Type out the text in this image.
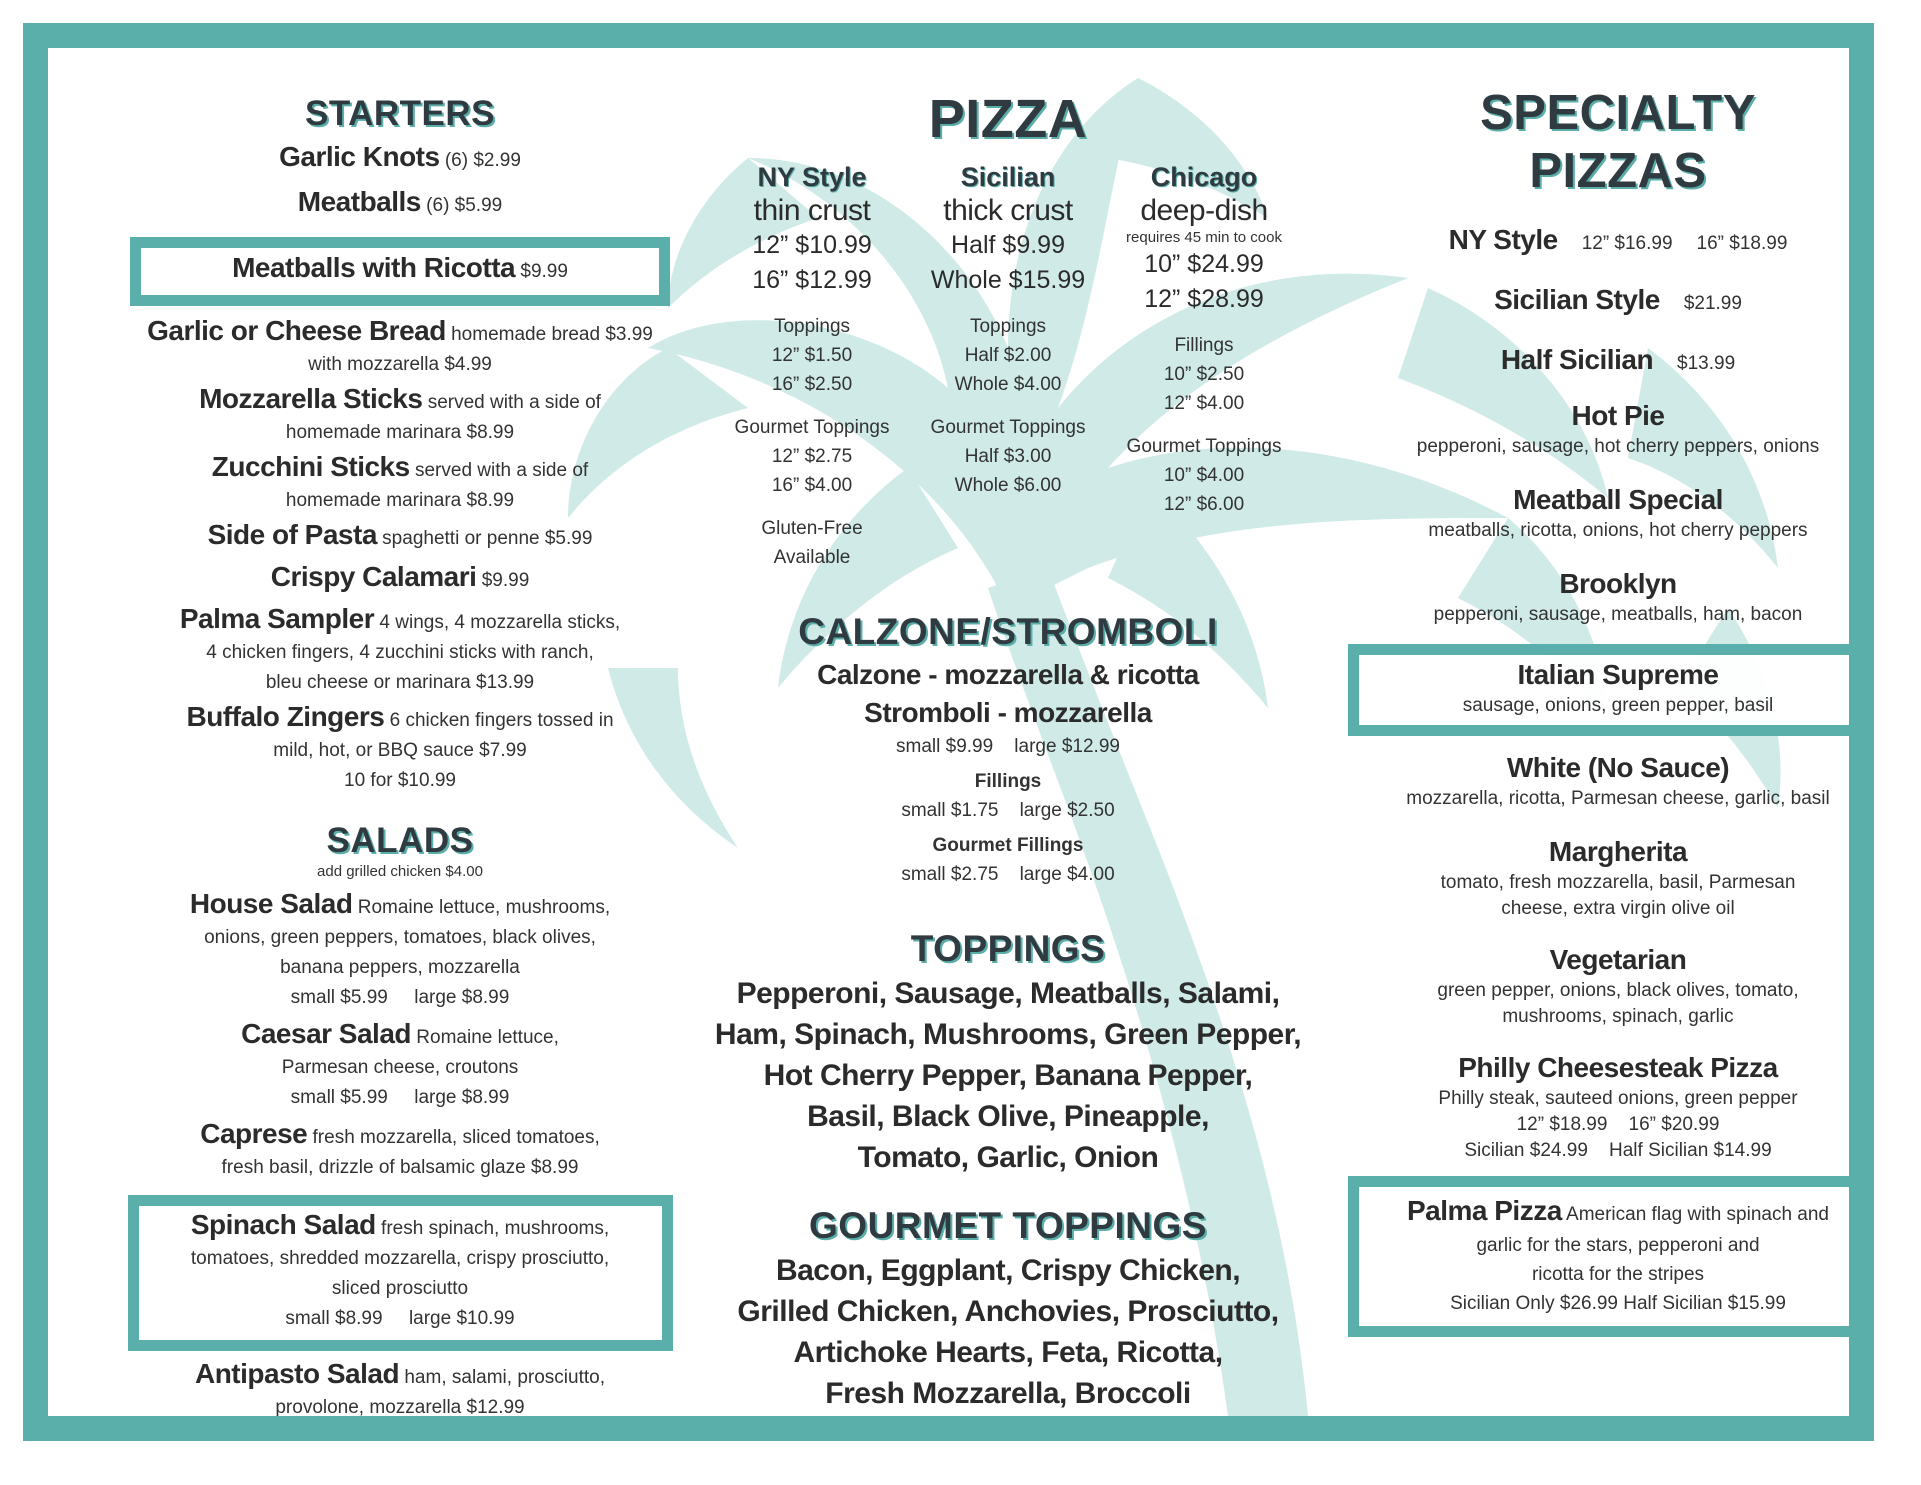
STARTERS

Garlic Knots (6) $2.99

Meatballs (6) $5.99

Meatballs with Ricotta $9.99

Garlic or Cheese Bread homemade bread $3.99
with mozzarella $4.99
Mozzarella Sticks served with a side of
homemade marinara $8.99
Zucchini Sticks served with a side of
homemade marinara $8.99
Side of Pasta spaghetti or penne $5.99
Crispy Calamari $9.99
Palma Sampler 4 wings, 4 mozzarella sticks,
4 chicken fingers, 4 zucchini sticks with ranch,
bleu cheese or marinara $13.99
Buffalo Zingers 6 chicken fingers tossed in
mild, hot, or BBQ sauce $7.99
10 for $10.99
SALADS
add grilled chicken $4.00
House Salad Romaine lettuce, mushrooms,
onions, green peppers, tomatoes, black olives,
banana peppers, mozzarella
small $5.99     large $8.99
Caesar Salad Romaine lettuce,
Parmesan cheese, croutons
small $5.99     large $8.99
Caprese fresh mozzarella, sliced tomatoes,
fresh basil, drizzle of balsamic glaze $8.99
Spinach Salad fresh spinach, mushrooms,
tomatoes, shredded mozzarella, crispy prosciutto,
sliced prosciutto
small $8.99     large $10.99
Antipasto Salad ham, salami, prosciutto,
provolone, mozzarella $12.99
PIZZA
NY Style
thin crust
12” $10.99
16” $12.99
Toppings
12” $1.50
16” $2.50
Gourmet Toppings
12” $2.75
16” $4.00
Gluten-Free
Available
Sicilian
thick crust
Half $9.99
Whole $15.99
Toppings
Half $2.00
Whole $4.00
Gourmet Toppings
Half $3.00
Whole $6.00
Chicago
deep-dish
requires 45 min to cook
10” $24.99
12” $28.99
Fillings
10” $2.50
12” $4.00
Gourmet Toppings
10” $4.00
12” $6.00
CALZONE/STROMBOLI
Calzone - mozzarella & ricotta
Stromboli - mozzarella
small $9.99    large $12.99
Fillings
small $1.75    large $2.50
Gourmet Fillings
small $2.75    large $4.00
TOPPINGS
Pepperoni, Sausage, Meatballs, Salami,
Ham, Spinach, Mushrooms, Green Pepper,
Hot Cherry Pepper, Banana Pepper,
Basil, Black Olive, Pineapple,
Tomato, Garlic, Onion
GOURMET TOPPINGS
Bacon, Eggplant, Crispy Chicken,
Grilled Chicken, Anchovies, Prosciutto,
Artichoke Hearts, Feta, Ricotta,
Fresh Mozzarella, Broccoli
SPECIALTY
PIZZAS
NY Style 12” $16.99 16” $18.99
Sicilian Style $21.99
Half Sicilian $13.99
Hot Pie
pepperoni, sausage, hot cherry peppers, onions
Meatball Special
meatballs, ricotta, onions, hot cherry peppers
Brooklyn
pepperoni, sausage, meatballs, ham, bacon
Italian Supreme
sausage, onions, green pepper, basil
White (No Sauce)
mozzarella, ricotta, Parmesan cheese, garlic, basil
Margherita
tomato, fresh mozzarella, basil, Parmesan
cheese, extra virgin olive oil
Vegetarian
green pepper, onions, black olives, tomato,
mushrooms, spinach, garlic
Philly Cheesesteak Pizza
Philly steak, sauteed onions, green pepper
12” $18.99    16” $20.99
Sicilian $24.99    Half Sicilian $14.99
Palma Pizza American flag with spinach and
garlic for the stars, pepperoni and
ricotta for the stripes
Sicilian Only $26.99 Half Sicilian $15.99
